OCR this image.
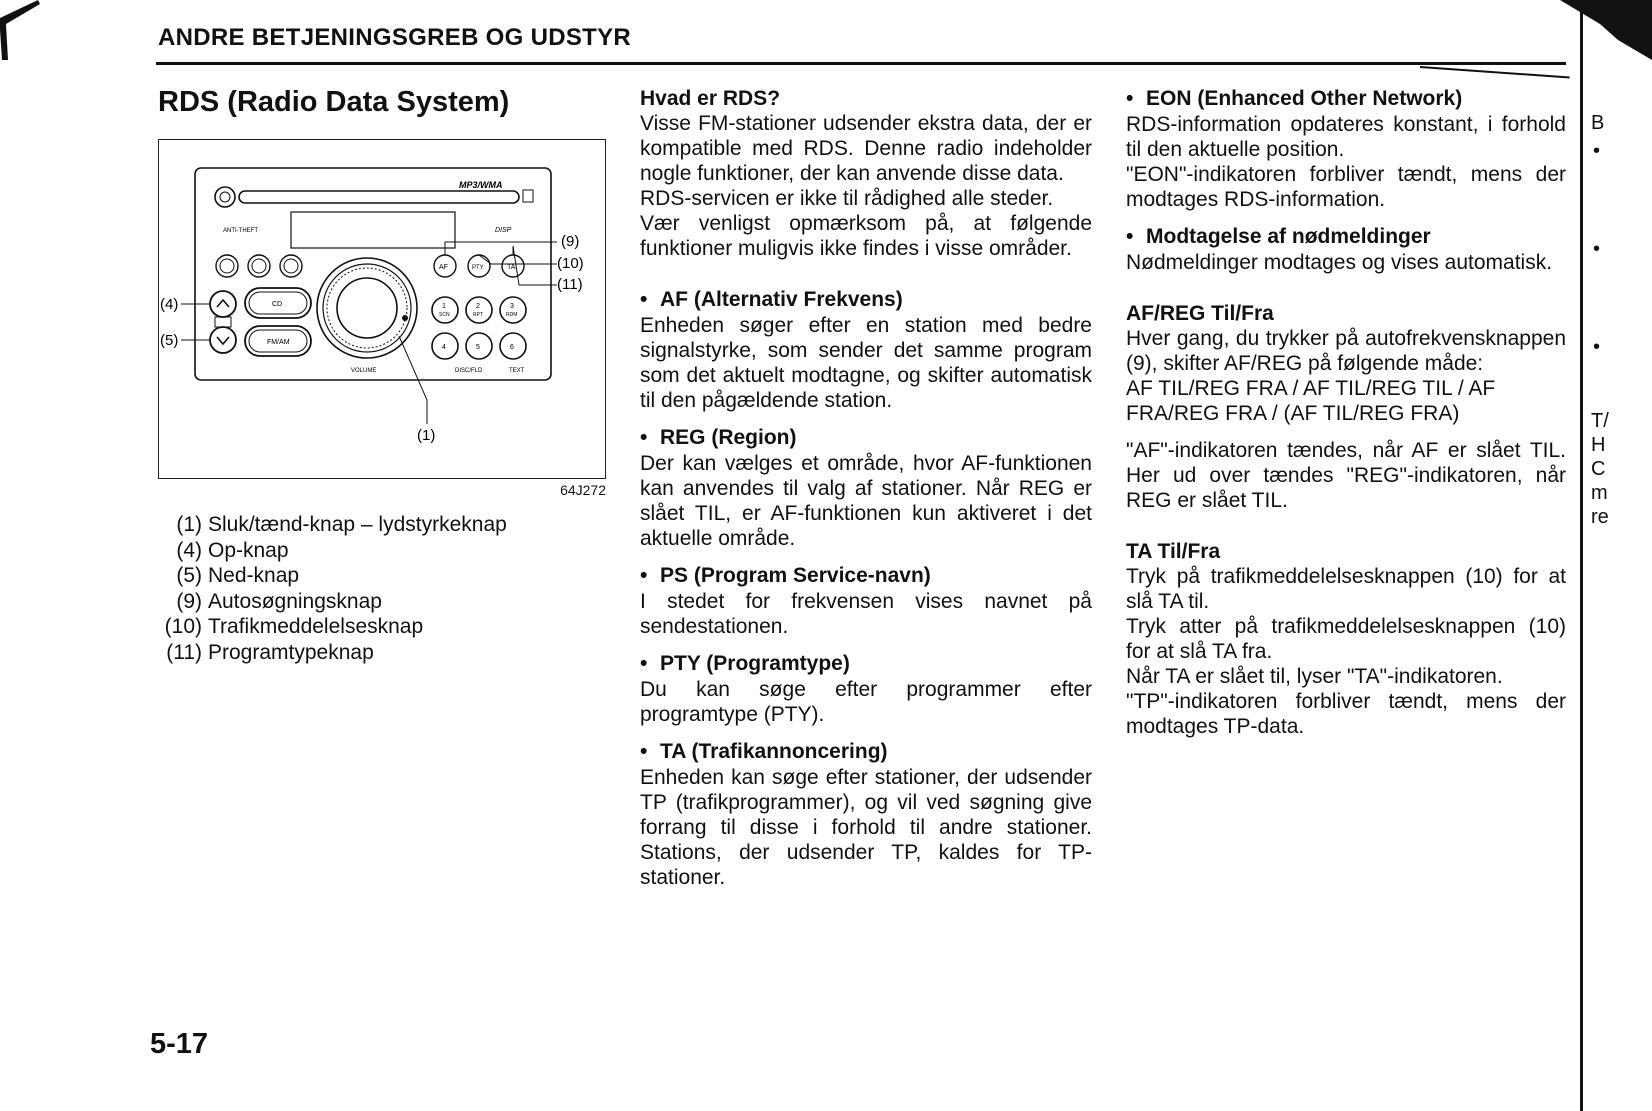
ANDRE BETJENINGSGREB OG UDSTYR
RDS (Radio Data System)
MP3/WMA
ANTI-THEFT	DISP
CD
FM/AM
VOLUME
AF	PTY	TA
1
SCN
2
RPT
3
RDM
4	5	6
DISC/FLD	TEXT
(9)
(10)
(11)
(4)
(5)
(1)
64J272
(1) Sluk/tænd-knap – lydstyrkeknap
(4) Op-knap
(5) Ned-knap
(9) Autosøgningsknap
(10) Trafikmeddelelsesknap
(11) Programtypeknap

Hvad er RDS?

Visse FM-stationer udsender ekstra data, der er kompatible med RDS. Denne radio indeholder nogle funktioner, der kan anvende disse data.

RDS-servicen er ikke til rådighed alle steder.

Vær venligst opmærksom på, at følgende funktioner muligvis ikke findes i visse områder.

• AF (Alternativ Frekvens)

Enheden søger efter en station med bedre signalstyrke, som sender det samme program som det aktuelt modtagne, og skifter automatisk til den pågældende station.

• REG (Region)

Der kan vælges et område, hvor AF-funktionen kan anvendes til valg af stationer. Når REG er slået TIL, er AF-funktionen kun aktiveret i det aktuelle område.

• PS (Program Service-navn)

I stedet for frekvensen vises navnet på sendestationen.

• PTY (Programtype)

Du kan søge efter programmer efter programtype (PTY).

• TA (Trafikannoncering)

Enheden kan søge efter stationer, der udsender TP (trafikprogrammer), og vil ved søgning give forrang til disse i forhold til andre stationer. Stations, der udsender TP, kaldes for TP-stationer.

• EON (Enhanced Other Network)

RDS-information opdateres konstant, i forhold til den aktuelle position.

"EON"-indikatoren forbliver tændt, mens der modtages RDS-information.

• Modtagelse af nødmeldinger

Nødmeldinger modtages og vises automatisk.

AF/REG Til/Fra

Hver gang, du trykker på autofrekvensknappen (9), skifter AF/REG på følgende måde:

AF TIL/REG FRA / AF TIL/REG TIL / AF FRA/REG FRA / (AF TIL/REG FRA)

"AF"-indikatoren tændes, når AF er slået TIL. Her ud over tændes "REG"-indikatoren, når REG er slået TIL.

TA Til/Fra

Tryk på trafikmeddelelsesknappen (10) for at slå TA til.

Tryk atter på trafikmeddelelsesknappen (10) for at slå TA fra.

Når TA er slået til, lyser "TA"-indikatoren.

"TP"-indikatoren forbliver tændt, mens der modtages TP-data.

5-17
B
•
•
•
T/
H
C
m
re
